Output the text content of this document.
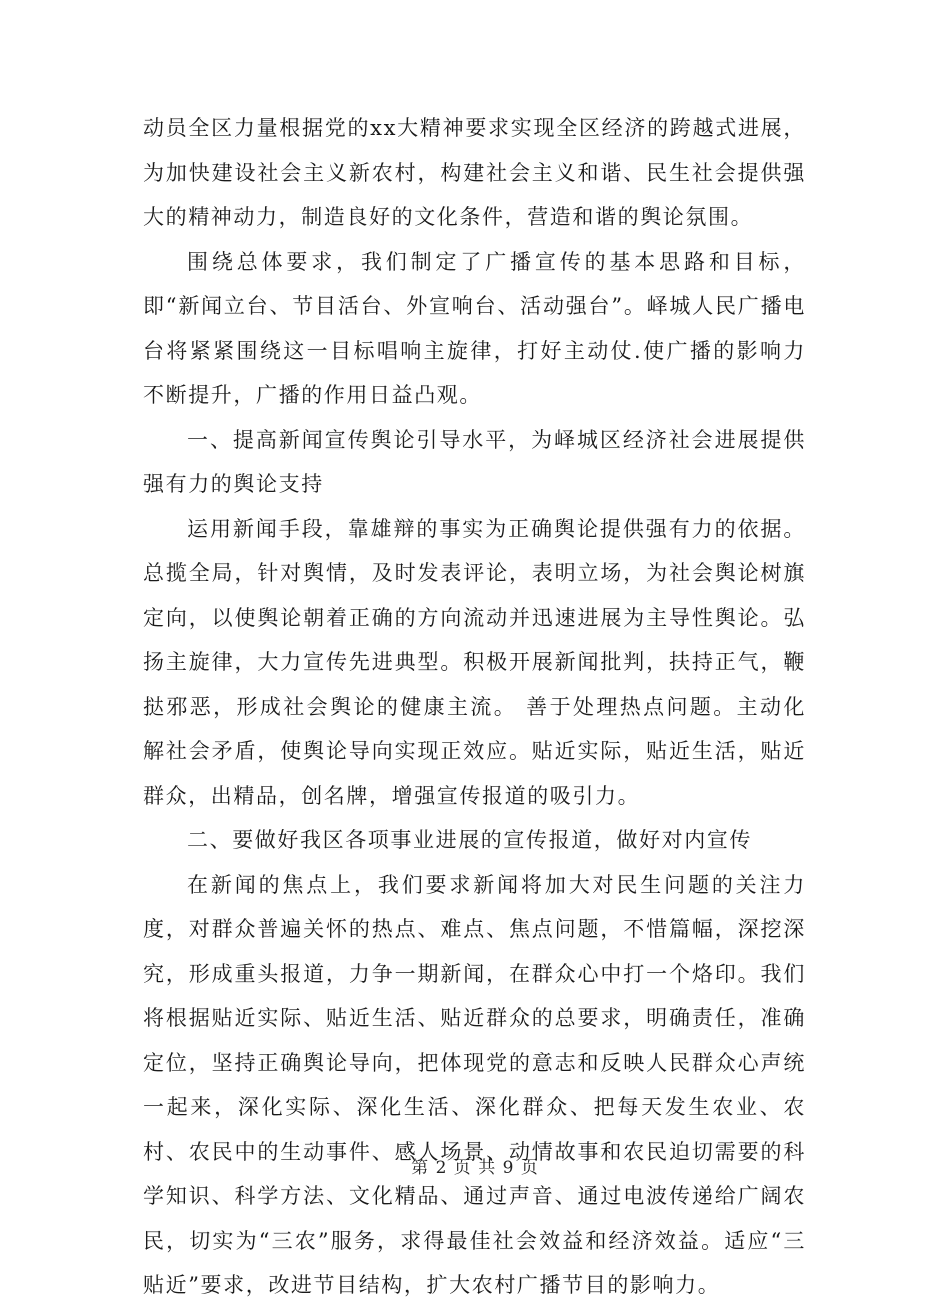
动员全区力量根据党的xx大精神要求实现全区经济的跨越式进展，为加快建设社会主义新农村，构建社会主义和谐、民生社会提供强大的精神动力，制造良好的文化条件，营造和谐的舆论氛围。

围绕总体要求，我们制定了广播宣传的基本思路和目标，即“新闻立台、节目活台、外宣响台、活动强台”。峄城人民广播电台将紧紧围绕这一目标唱响主旋律，打好主动仗.使广播的影响力不断提升，广播的作用日益凸观。

一、提高新闻宣传舆论引导水平，为峄城区经济社会进展提供强有力的舆论支持

运用新闻手段，靠雄辩的事实为正确舆论提供强有力的依据。总揽全局，针对舆情，及时发表评论，表明立场，为社会舆论树旗定向，以使舆论朝着正确的方向流动并迅速进展为主导性舆论。弘扬主旋律，大力宣传先进典型。积极开展新闻批判，扶持正气，鞭挞邪恶，形成社会舆论的健康主流。 善于处理热点问题。主动化解社会矛盾，使舆论导向实现正效应。贴近实际，贴近生活，贴近群众，出精品，创名牌，增强宣传报道的吸引力。

二、要做好我区各项事业进展的宣传报道，做好对内宣传

在新闻的焦点上，我们要求新闻将加大对民生问题的关注力度，对群众普遍关怀的热点、难点、焦点问题，不惜篇幅，深挖深究，形成重头报道，力争一期新闻，在群众心中打一个烙印。我们将根据贴近实际、贴近生活、贴近群众的总要求，明确责任，准确定位，坚持正确舆论导向，把体现党的意志和反映人民群众心声统一起来，深化实际、深化生活、深化群众、把每天发生农业、农村、农民中的生动事件、感人场景、动情故事和农民迫切需要的科学知识、科学方法、文化精品、通过声音、通过电波传递给广阔农民，切实为“三农”服务，求得最佳社会效益和经济效益。适应“三贴近”要求，改进节目结构，扩大农村广播节目的影响力。

第 2 页 共 9 页
